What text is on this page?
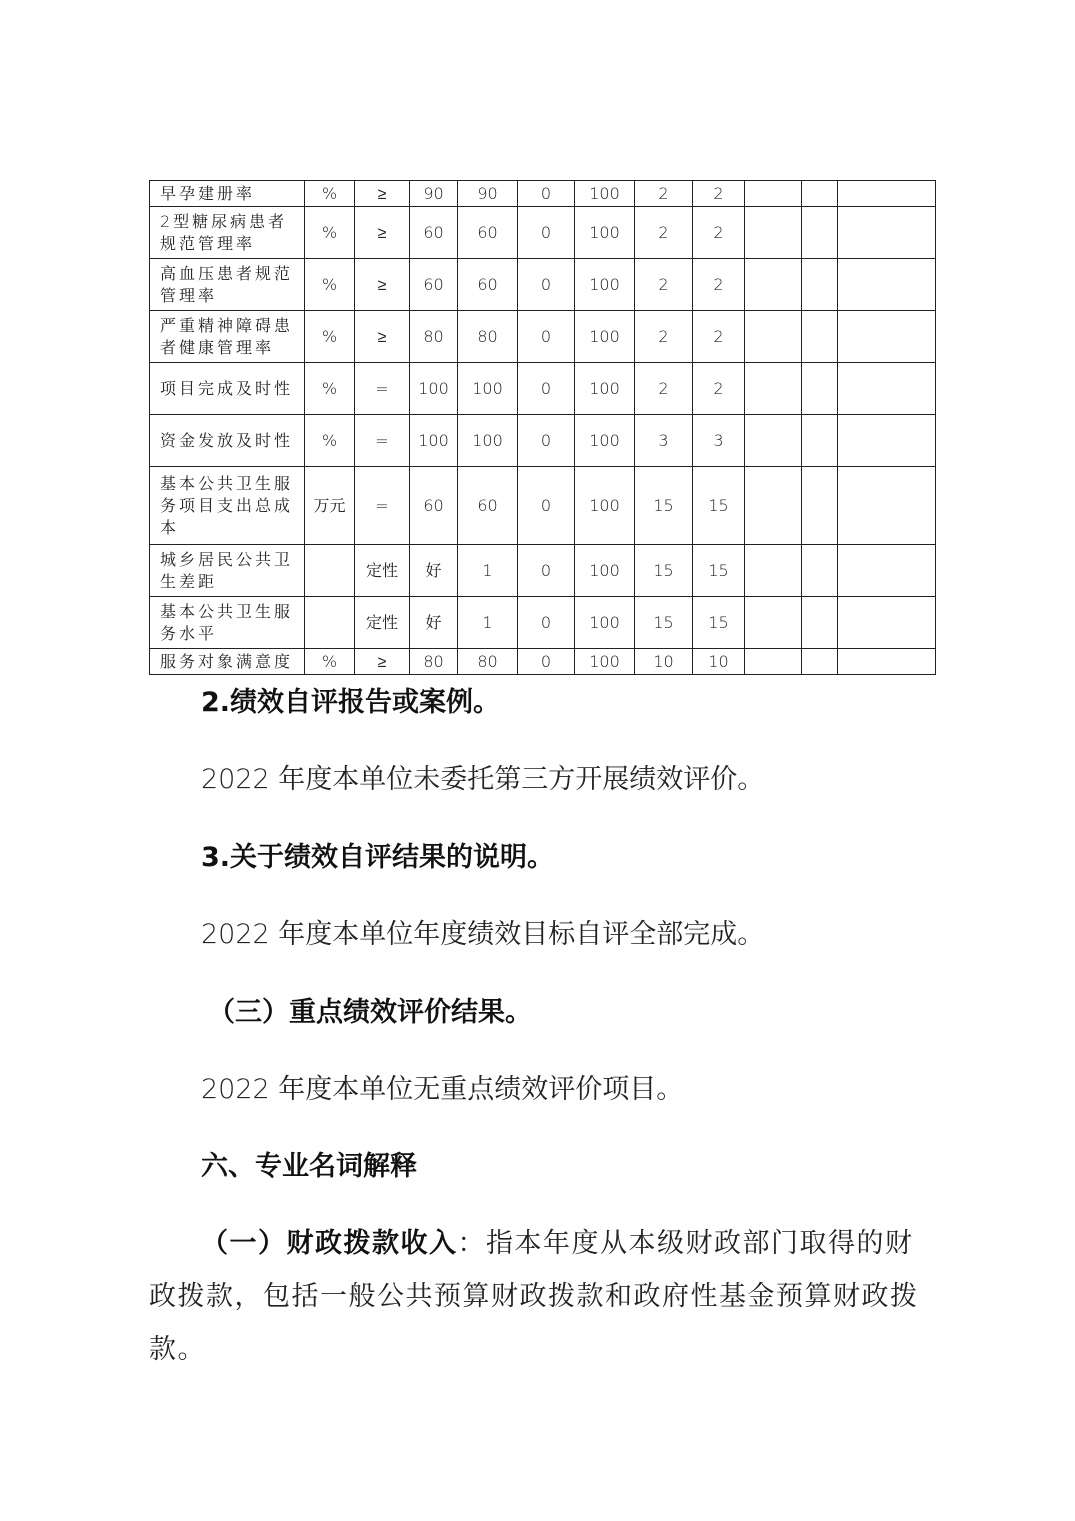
早孕建册率	%	≥	90	90	0	100	2	2			
2型糖尿病患者规范管理率	%	≥	60	60	0	100	2	2			
高血压患者规范管理率	%	≥	60	60	0	100	2	2			
严重精神障碍患者健康管理率	%	≥	80	80	0	100	2	2			
项目完成及时性	%	=	100	100	0	100	2	2			
资金发放及时性	%	=	100	100	0	100	3	3			
基本公共卫生服务项目支出总成本	万元	=	60	60	0	100	15	15			
城乡居民公共卫生差距		定性	好	1	0	100	15	15			
基本公共卫生服务水平		定性	好	1	0	100	15	15			
服务对象满意度	%	≥	80	80	0	100	10	10			
2.绩效自评报告或案例。
2022 年度本单位未委托第三方开展绩效评价。
3.关于绩效自评结果的说明。
2022 年度本单位年度绩效目标自评全部完成。
（三）重点绩效评价结果。
2022 年度本单位无重点绩效评价项目。
六、专业名词解释

（一）财政拨款收入：指本年度从本级财政部门取得的财政拨款，包括一般公共预算财政拨款和政府性基金预算财政拨款。
